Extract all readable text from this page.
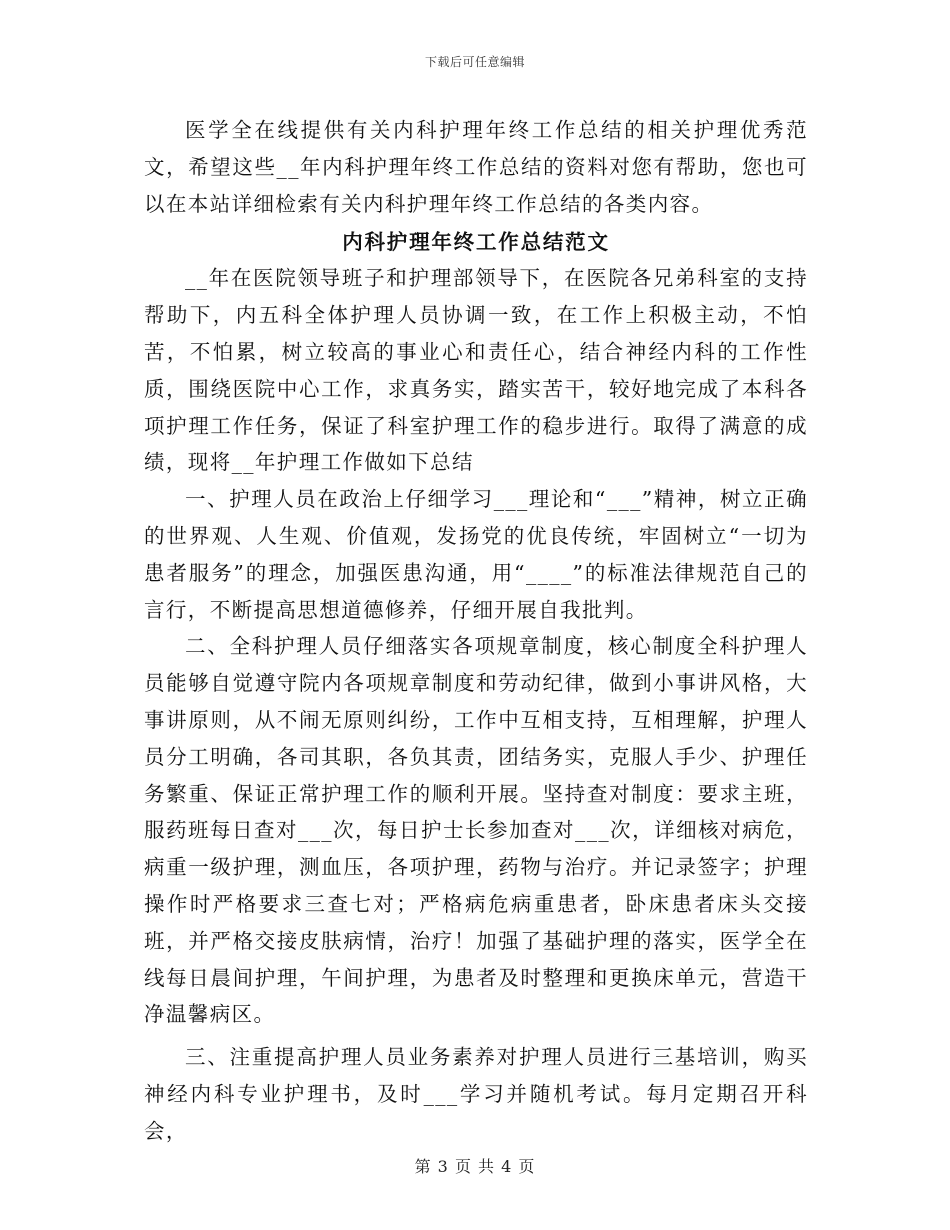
下载后可任意编辑

医学全在线提供有关内科护理年终工作总结的相关护理优秀范文，希望这些__年内科护理年终工作总结的资料对您有帮助，您也可以在本站详细检索有关内科护理年终工作总结的各类内容。

内科护理年终工作总结范文

__年在医院领导班子和护理部领导下，在医院各兄弟科室的支持帮助下，内五科全体护理人员协调一致，在工作上积极主动，不怕苦，不怕累，树立较高的事业心和责任心，结合神经内科的工作性质，围绕医院中心工作，求真务实，踏实苦干，较好地完成了本科各项护理工作任务，保证了科室护理工作的稳步进行。取得了满意的成绩，现将__年护理工作做如下总结

一、护理人员在政治上仔细学习___理论和“___”精神，树立正确的世界观、人生观、价值观，发扬党的优良传统，牢固树立“一切为患者服务”的理念，加强医患沟通，用“____”的标准法律规范自己的言行，不断提高思想道德修养，仔细开展自我批判。

二、全科护理人员仔细落实各项规章制度，核心制度全科护理人员能够自觉遵守院内各项规章制度和劳动纪律，做到小事讲风格，大事讲原则，从不闹无原则纠纷，工作中互相支持，互相理解，护理人员分工明确，各司其职，各负其责，团结务实，克服人手少、护理任务繁重、保证正常护理工作的顺利开展。坚持查对制度：要求主班，服药班每日查对___次，每日护士长参加查对___次，详细核对病危，病重一级护理，测血压，各项护理，药物与治疗。并记录签字；护理操作时严格要求三查七对；严格病危病重患者，卧床患者床头交接班，并严格交接皮肤病情，治疗！加强了基础护理的落实，医学全在线每日晨间护理，午间护理，为患者及时整理和更换床单元，营造干净温馨病区。

三、注重提高护理人员业务素养对护理人员进行三基培训，购买神经内科专业护理书，及时___学习并随机考试。每月定期召开科会，

第 3 页 共 4 页
